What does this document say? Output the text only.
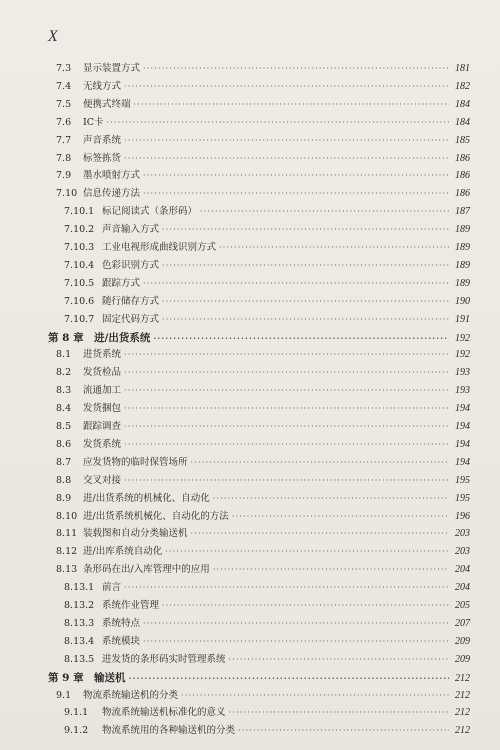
X
7.3	显示装置方式 ·····	181
7.4	无线方式 ·····	182
7.5	便携式终端 ·····	184
7.6	IC卡 ·····	184
7.7	声音系统 ·····	185
7.8	标签拣货 ·····	186
7.9	墨水喷射方式 ·····	186
7.10 信息传递方法 ·····	186
7.10.1 标记阅读式（条形码） ·····	187
7.10.2 声音输入方式 ·····	189
7.10.3 工业电视形成曲线识别方式 ·····	189
7.10.4 色彩识别方式 ·····	189
7.10.5 跟踪方式 ·····	189
7.10.6 随行储存方式 ·····	190
7.10.7 固定代码方式 ·····	191
第 8 章 进/出货系统 ·····	192
8.1	进货系统 ·····	192
8.2	发货检品 ·····	193
8.3	流通加工 ·····	193
8.4	发货捆包 ·····	194
8.5	跟踪调查 ·····	194
8.6	发货系统 ·····	194
8.7	应发货物的临时保管场所 ·····	194
8.8	交叉对接 ·····	195
8.9	进/出货系统的机械化、自动化 ·····	195
8.10 进/出货系统机械化、自动化的方法 ·····	196
8.11 装载图和自动分类输送机 ·····	203
8.12 进/出库系统自动化 ·····	203
8.13 条形码在出/入库管理中的应用 ·····	204
8.13.1 前言 ·····	204
8.13.2 系统作业管理 ·····	205
8.13.3 系统特点 ·····	207
8.13.4 系统模块 ·····	209
8.13.5 进发货的条形码实时管理系统 ·····	209
第 9 章 输送机 ·····	212
9.1	物流系统输送机的分类 ·····	212
9.1.1	物流系统输送机标准化的意义 ·····	212
9.1.2	物流系统用的各种输送机的分类 ·····	212
